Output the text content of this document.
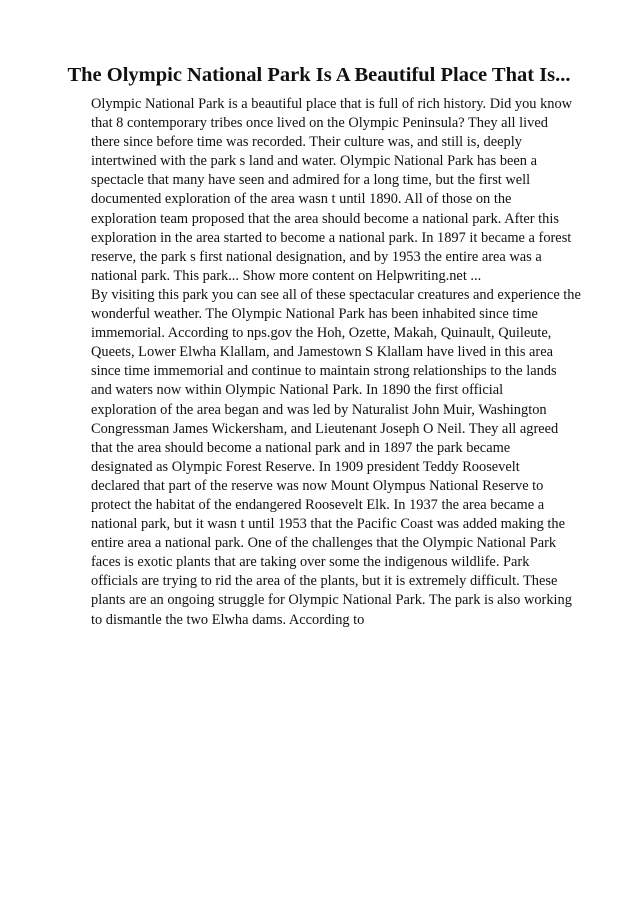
The Olympic National Park Is A Beautiful Place That Is...
Olympic National Park is a beautiful place that is full of rich history. Did you know
that 8 contemporary tribes once lived on the Olympic Peninsula? They all lived
there since before time was recorded. Their culture was, and still is, deeply
intertwined with the park s land and water. Olympic National Park has been a
spectacle that many have seen and admired for a long time, but the first well
documented exploration of the area wasn t until 1890. All of those on the
exploration team proposed that the area should become a national park. After this
exploration in the area started to become a national park. In 1897 it became a forest
reserve, the park s first national designation, and by 1953 the entire area was a
national park. This park... Show more content on Helpwriting.net ...
By visiting this park you can see all of these spectacular creatures and experience the
wonderful weather. The Olympic National Park has been inhabited since time
immemorial. According to nps.gov the Hoh, Ozette, Makah, Quinault, Quileute,
Queets, Lower Elwha Klallam, and Jamestown S Klallam have lived in this area
since time immemorial and continue to maintain strong relationships to the lands
and waters now within Olympic National Park. In 1890 the first official
exploration of the area began and was led by Naturalist John Muir, Washington
Congressman James Wickersham, and Lieutenant Joseph O Neil. They all agreed
that the area should become a national park and in 1897 the park became
designated as Olympic Forest Reserve. In 1909 president Teddy Roosevelt
declared that part of the reserve was now Mount Olympus National Reserve to
protect the habitat of the endangered Roosevelt Elk. In 1937 the area became a
national park, but it wasn t until 1953 that the Pacific Coast was added making the
entire area a national park. One of the challenges that the Olympic National Park
faces is exotic plants that are taking over some the indigenous wildlife. Park
officials are trying to rid the area of the plants, but it is extremely difficult. These
plants are an ongoing struggle for Olympic National Park. The park is also working
to dismantle the two Elwha dams. According to
